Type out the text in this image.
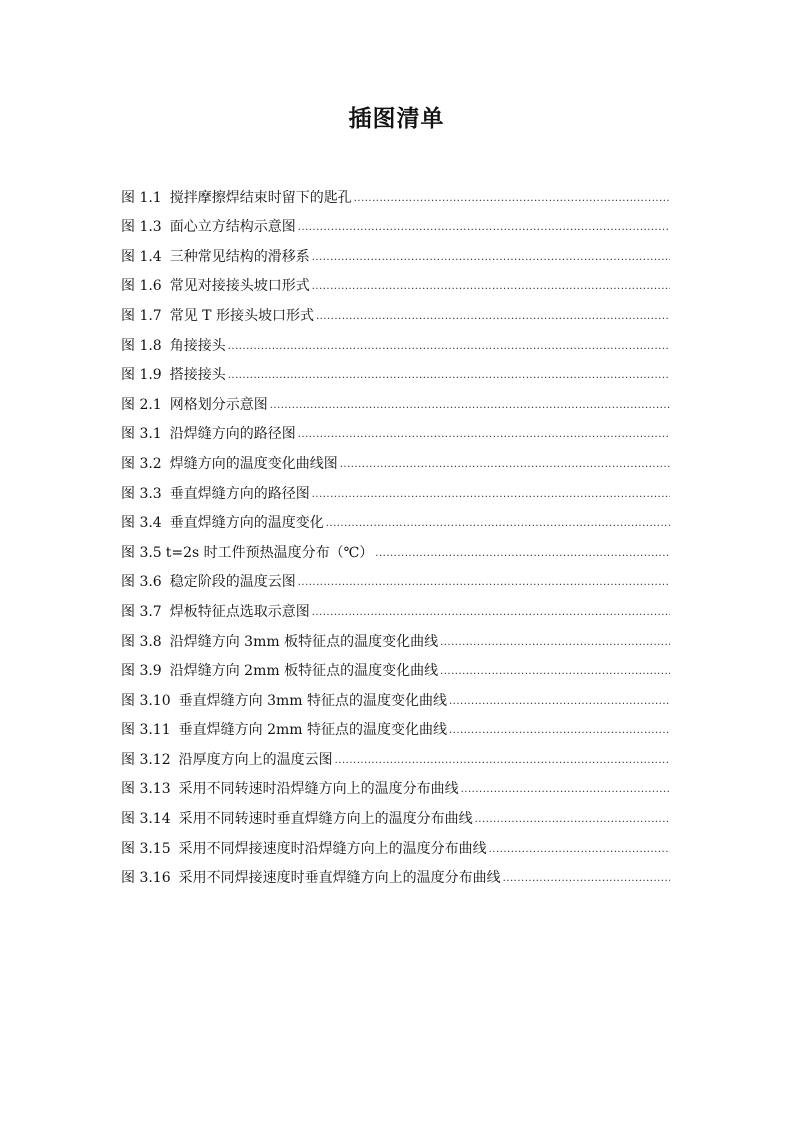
插图清单
图 1.1 搅拌摩擦焊结束时留下的匙孔
.....
图 1.3 面心立方结构示意图
.....
图 1.4 三种常见结构的滑移系
.....
图 1.6 常见对接接头坡口形式
.....
图 1.7 常见 T 形接头坡口形式
.....
图 1.8 角接接头
.....
图 1.9 搭接接头
.....
图 2.1 网格划分示意图
.....
图 3.1 沿焊缝方向的路径图
.....
图 3.2 焊缝方向的温度变化曲线图
.....
图 3.3 垂直焊缝方向的路径图
.....
图 3.4 垂直焊缝方向的温度变化
.....
图 3.5 t=2s 时工件预热温度分布（℃）
.....
图 3.6 稳定阶段的温度云图
.....
图 3.7 焊板特征点选取示意图
.....
图 3.8 沿焊缝方向 3mm 板特征点的温度变化曲线
.....
图 3.9 沿焊缝方向 2mm 板特征点的温度变化曲线
.....
图 3.10 垂直焊缝方向 3mm 特征点的温度变化曲线
.....
图 3.11 垂直焊缝方向 2mm 特征点的温度变化曲线
.....
图 3.12 沿厚度方向上的温度云图
.....
图 3.13 采用不同转速时沿焊缝方向上的温度分布曲线
.....
图 3.14 采用不同转速时垂直焊缝方向上的温度分布曲线
.....
图 3.15 采用不同焊接速度时沿焊缝方向上的温度分布曲线
.....
图 3.16 采用不同焊接速度时垂直焊缝方向上的温度分布曲线
.....
